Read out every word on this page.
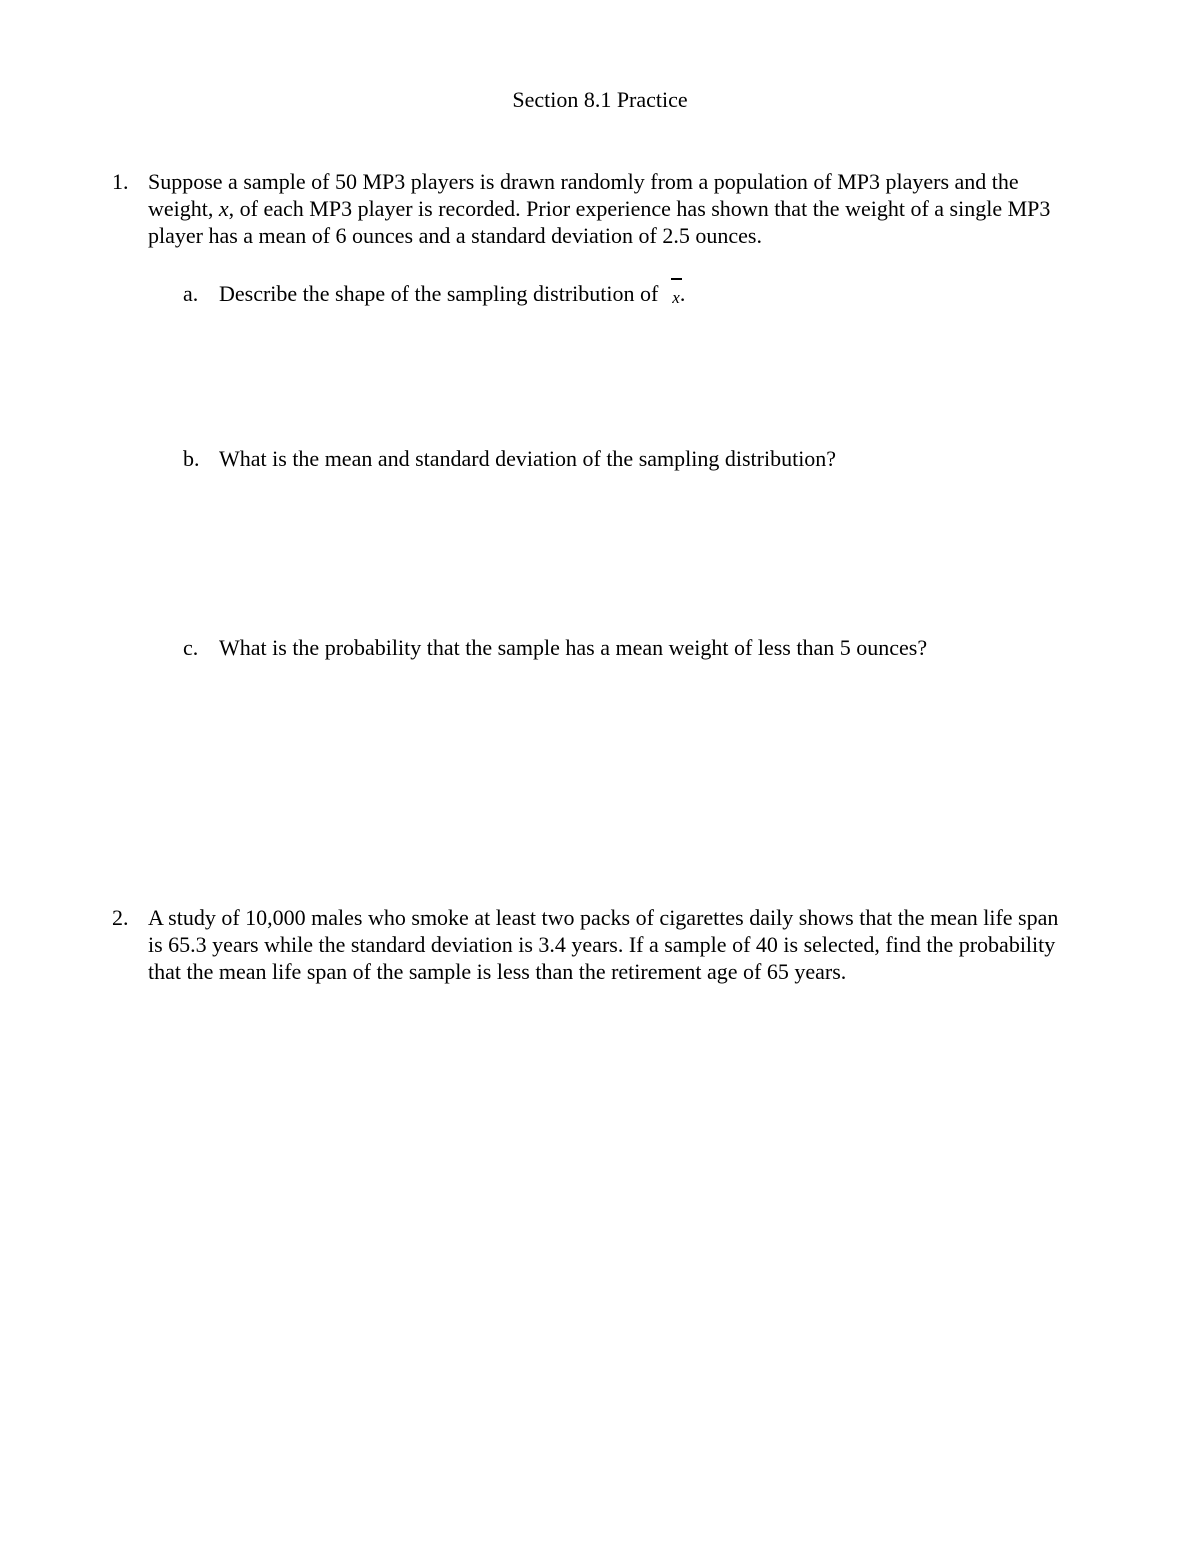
Section 8.1 Practice
1. Suppose a sample of 50 MP3 players is drawn randomly from a population of MP3 players and the
weight, x, of each MP3 player is recorded. Prior experience has shown that the weight of a single MP3
player has a mean of 6 ounces and a standard deviation of 2.5 ounces.
a. Describe the shape of the sampling distribution of x.
b. What is the mean and standard deviation of the sampling distribution?
c. What is the probability that the sample has a mean weight of less than 5 ounces?
2. A study of 10,000 males who smoke at least two packs of cigarettes daily shows that the mean life span
is 65.3 years while the standard deviation is 3.4 years. If a sample of 40 is selected, find the probability
that the mean life span of the sample is less than the retirement age of 65 years.
